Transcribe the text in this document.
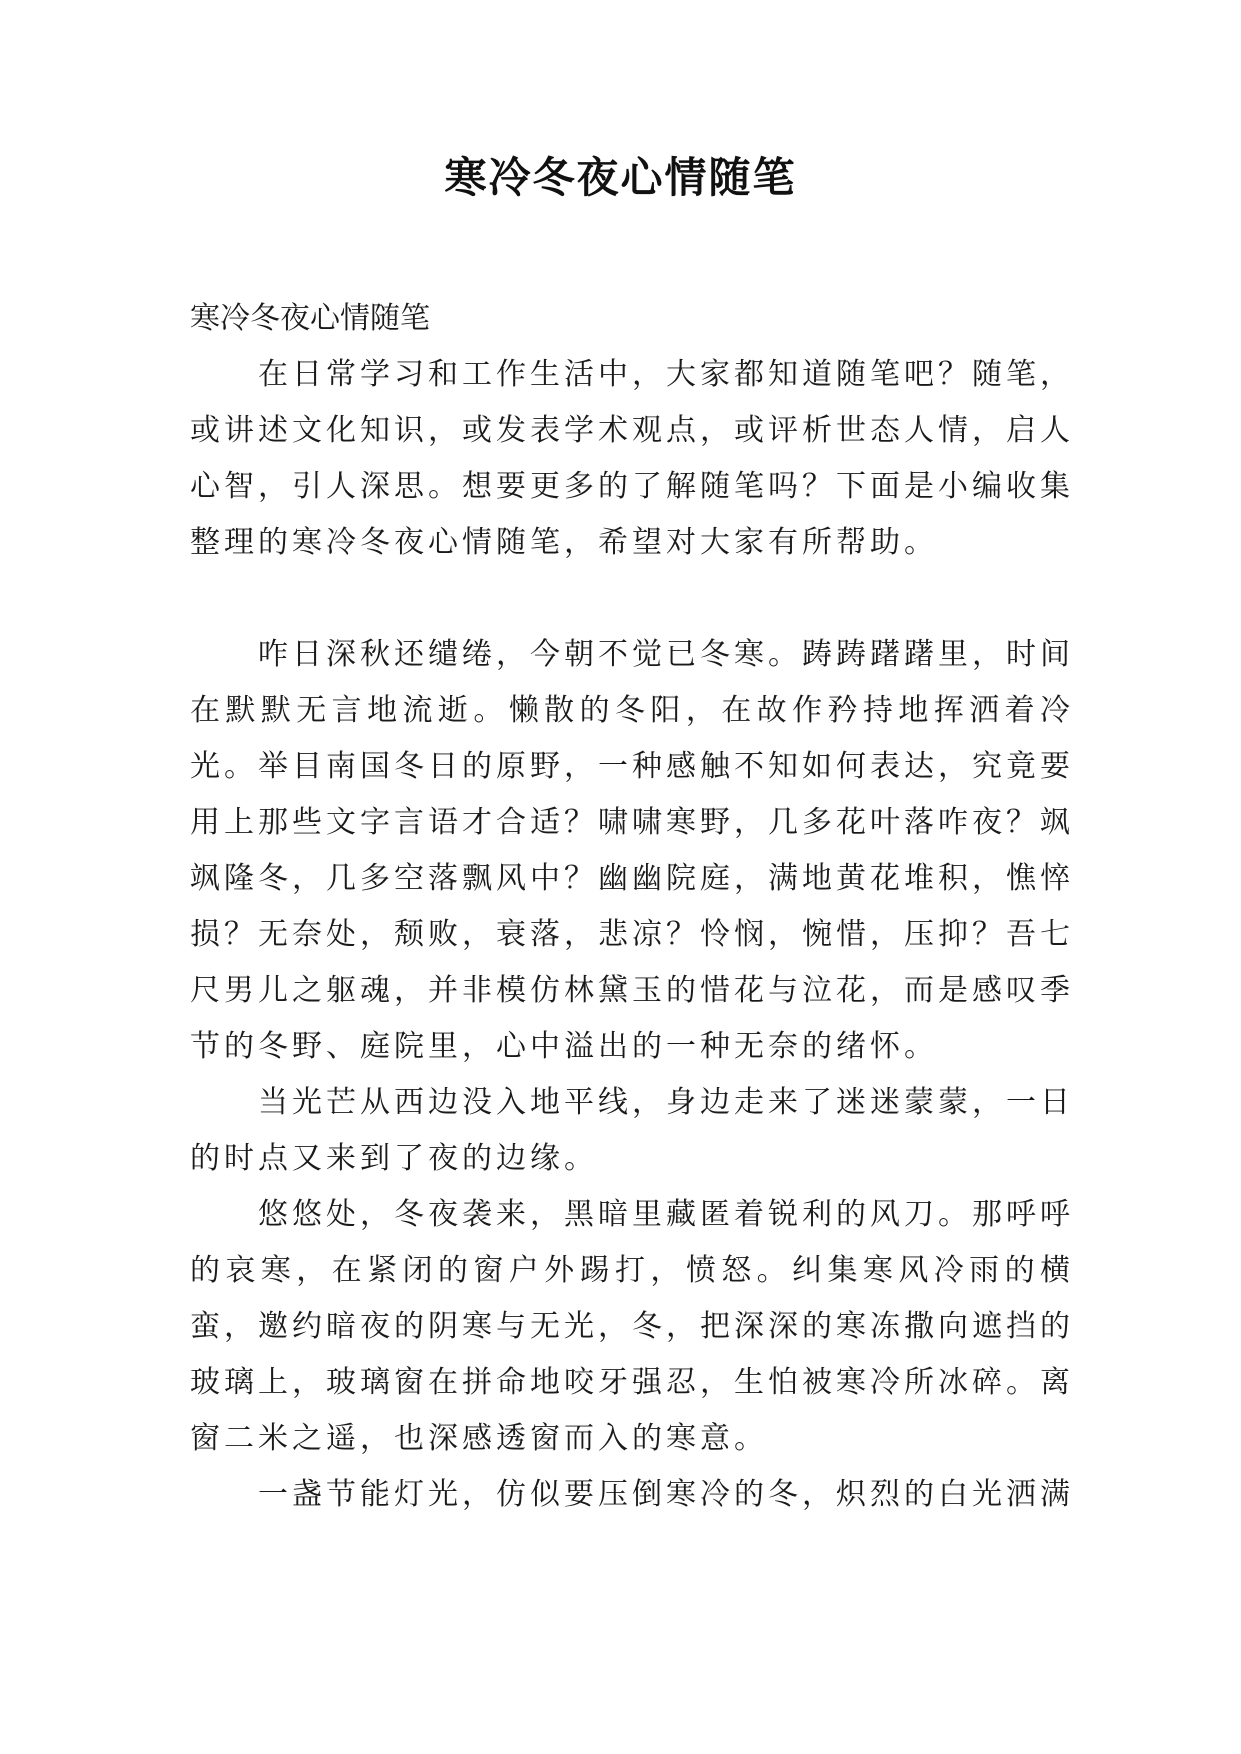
寒冷冬夜心情随笔

寒冷冬夜心情随笔

在日常学习和工作生活中，大家都知道随笔吧？随笔，或讲述文化知识，或发表学术观点，或评析世态人情，启人心智，引人深思。想要更多的了解随笔吗？下面是小编收集整理的寒冷冬夜心情随笔，希望对大家有所帮助。

咋日深秋还缱绻，今朝不觉已冬寒。踌踌躇躇里，时间在默默无言地流逝。懒散的冬阳，在故作矜持地挥洒着冷光。举目南国冬日的原野，一种感触不知如何表达，究竟要用上那些文字言语才合适？啸啸寒野，几多花叶落咋夜？飒飒隆冬，几多空落飘风中？幽幽院庭，满地黄花堆积，憔悴损？无奈处，颓败，衰落，悲凉？怜悯，惋惜，压抑？吾七尺男儿之躯魂，并非模仿林黛玉的惜花与泣花，而是感叹季节的冬野、庭院里，心中溢出的一种无奈的绪怀。

当光芒从西边没入地平线，身边走来了迷迷蒙蒙，一日的时点又来到了夜的边缘。

悠悠处，冬夜袭来，黑暗里藏匿着锐利的风刀。那呼呼的哀寒，在紧闭的窗户外踢打，愤怒。纠集寒风冷雨的横蛮，邀约暗夜的阴寒与无光，冬，把深深的寒冻撒向遮挡的玻璃上，玻璃窗在拼命地咬牙强忍，生怕被寒冷所冰碎。离窗二米之遥，也深感透窗而入的寒意。

一盏节能灯光，仿似要压倒寒冷的冬，炽烈的白光洒满
